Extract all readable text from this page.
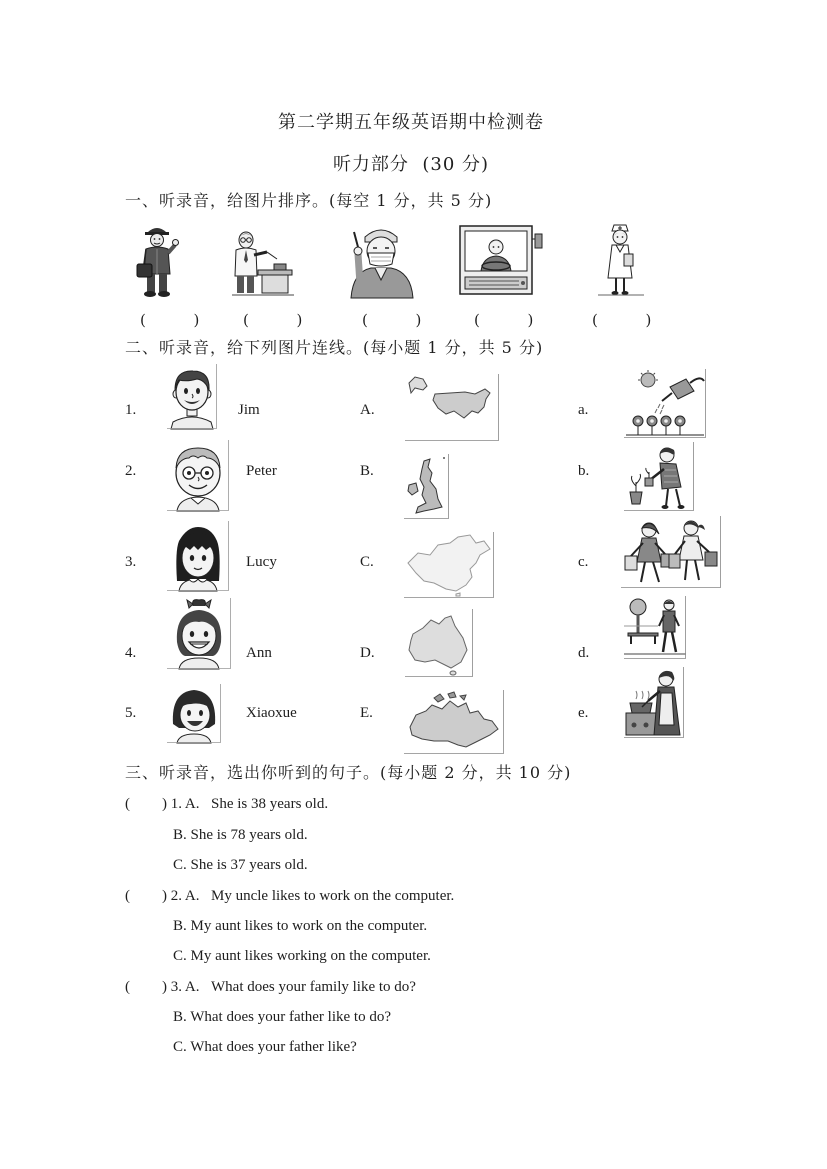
第二学期五年级英语期中检测卷
听力部分  (30 分)
一、听录音，给图片排序。(每空 1 分，共 5 分)
(          )	(          )	(          )	(          )	(          )
二、听录音，给下列图片连线。(每小题 1 分，共 5 分)
1.	Jim	A.	a.
2.	Peter	B.	b.
3.	Lucy	C.	c.
4.	Ann	D.	d.
5.	Xiaoxue	E.	e.
三、听录音，选出你听到的句子。(每小题 2 分，共 10 分)
( ) 1. A. She is 38 years old.
B. She is 78 years old.
C. She is 37 years old.
( ) 2. A. My uncle likes to work on the computer.
B. My aunt likes to work on the computer.
C. My aunt likes working on the computer.
( ) 3. A. What does your family like to do?
B. What does your father like to do?
C. What does your father like?
